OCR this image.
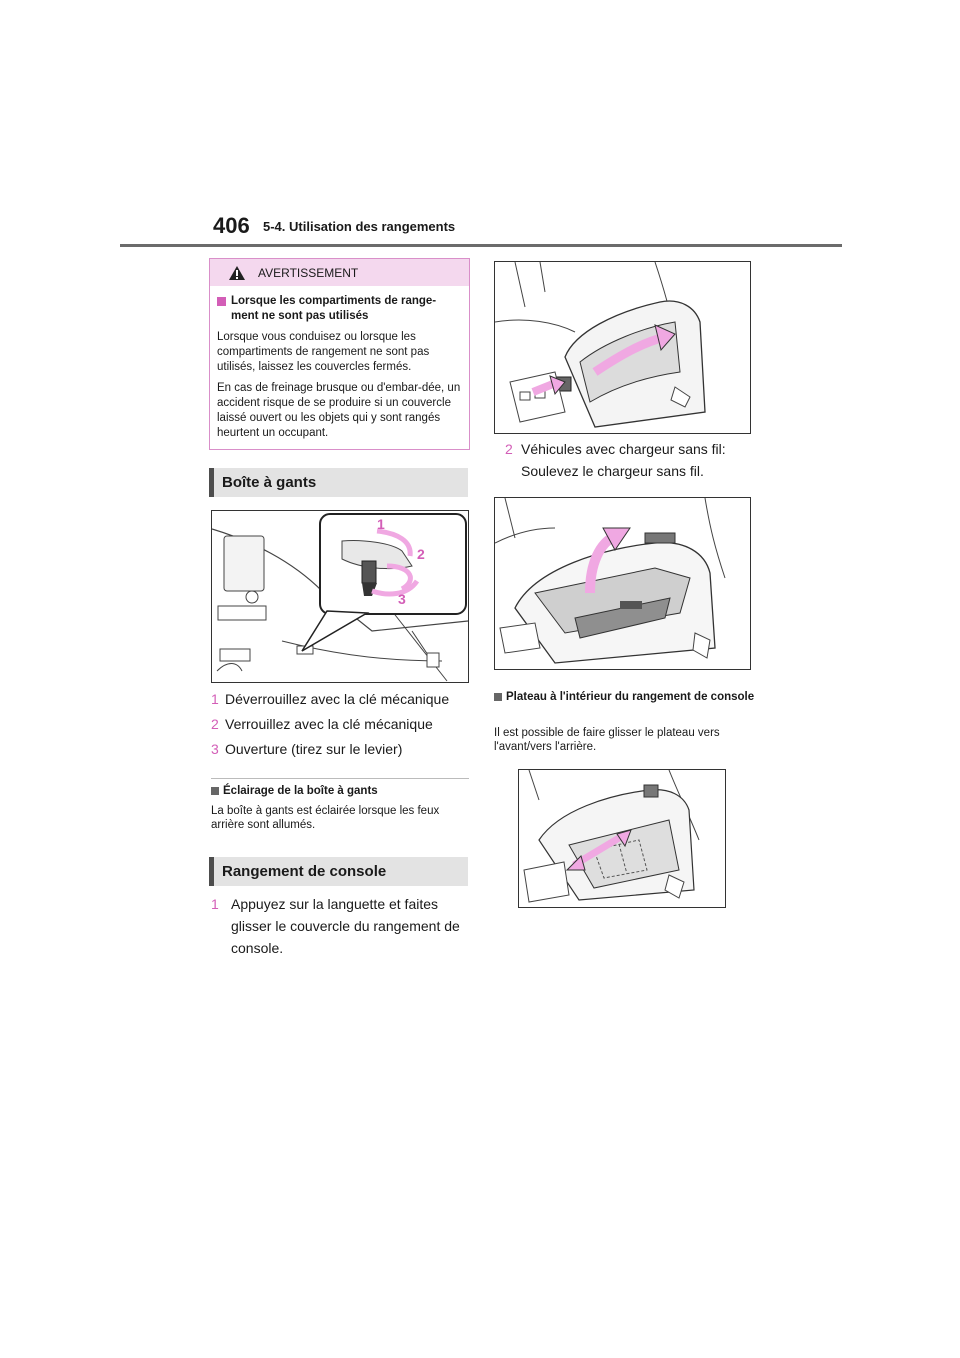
406 5-4. Utilisation des rangements
AVERTISSEMENT
Lorsque les compartiments de range-ment ne sont pas utilisés

Lorsque vous conduisez ou lorsque les compartiments de rangement ne sont pas utilisés, laissez les couvercles fermés.

En cas de freinage brusque ou d'embar-dée, un accident risque de se produire si un couvercle laissé ouvert ou les objets qui y sont rangés heurtent un occupant.

Boîte à gants
1
2
3
1 Déverrouillez avec la clé mécanique
2 Verrouillez avec la clé mécanique
3 Ouverture (tirez sur le levier)
Éclairage de la boîte à gants
La boîte à gants est éclairée lorsque les feux arrière sont allumés.
Rangement de console
1 Appuyez sur la languette et faites glisser le couvercle du rangement de console.
2 Véhicules avec chargeur sans fil:
Soulevez le chargeur sans fil.
Plateau à l'intérieur du rangement de console
Il est possible de faire glisser le plateau vers l'avant/vers l'arrière.
